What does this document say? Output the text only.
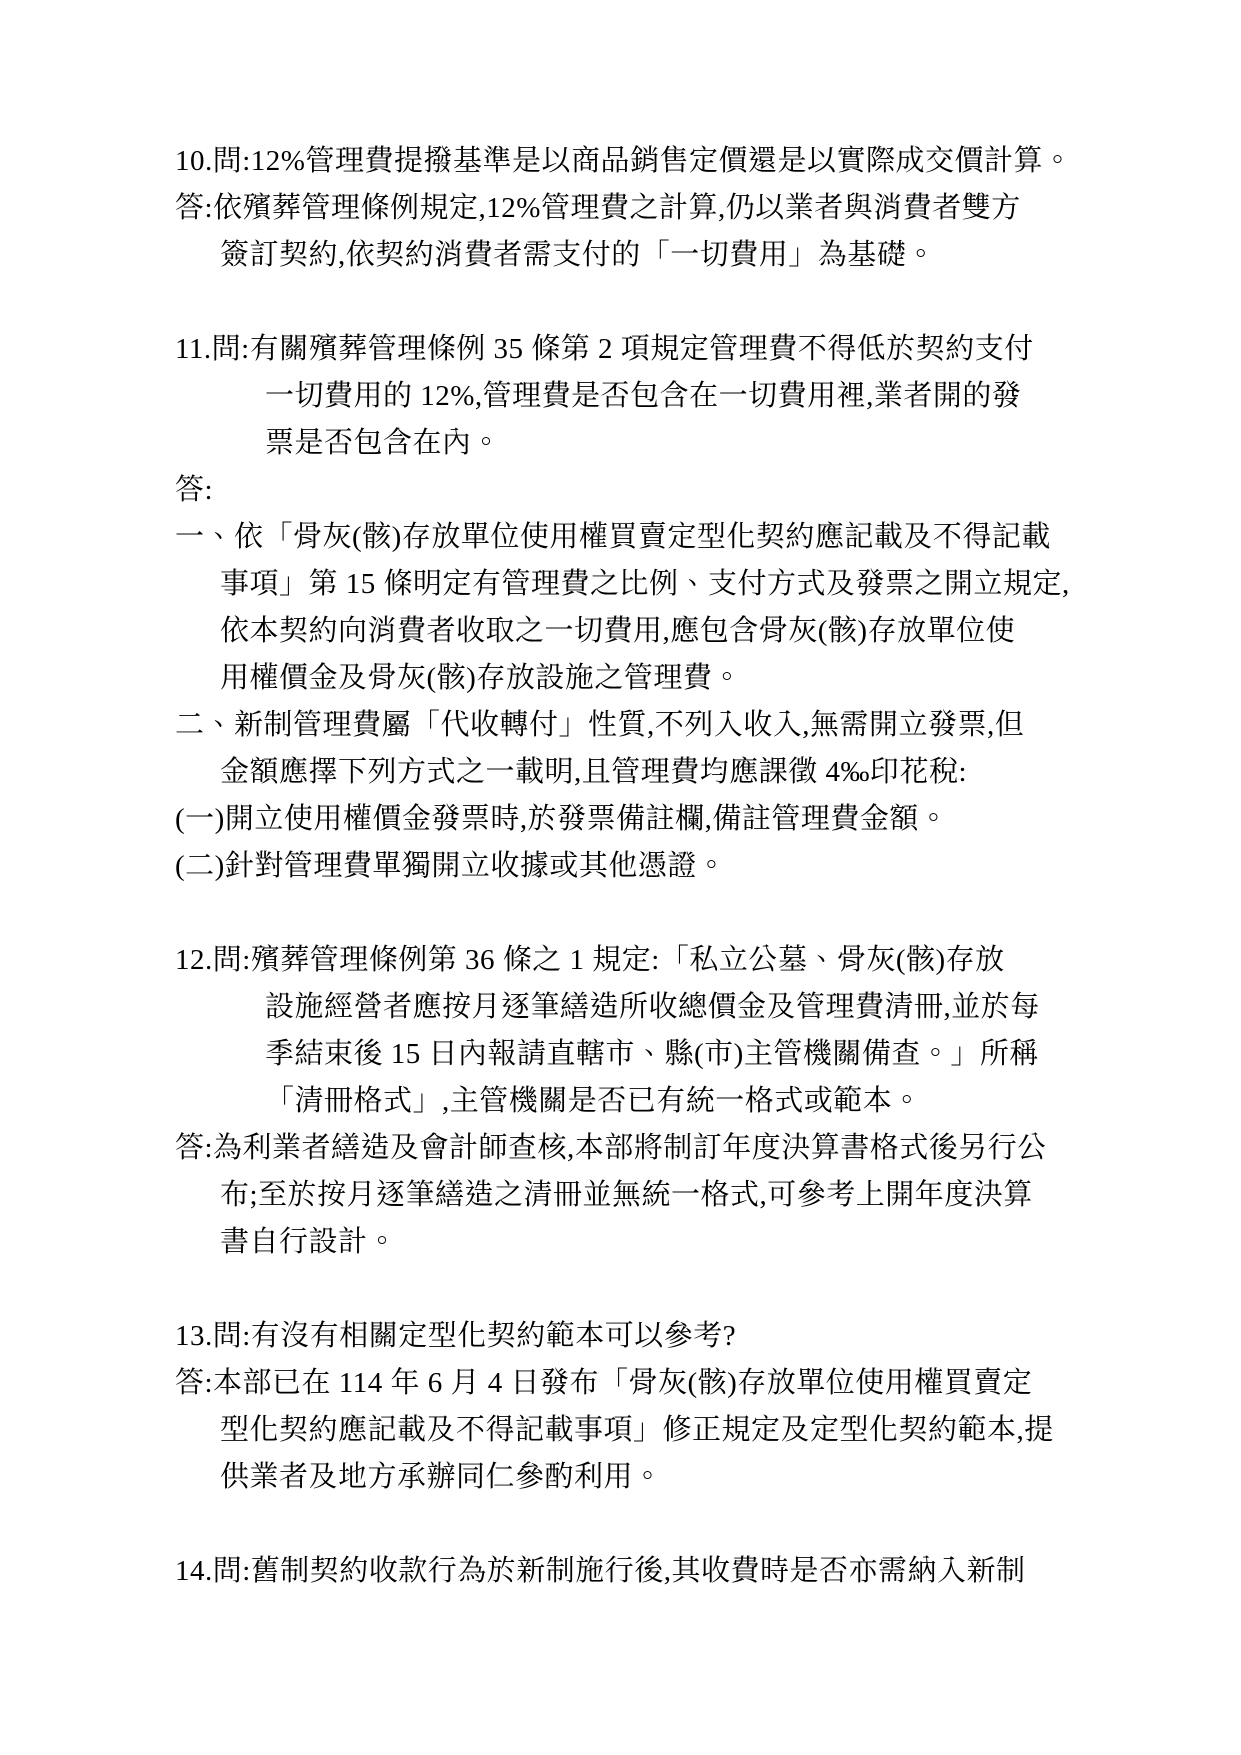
10.問:12%管理費提撥基準是以商品銷售定價還是以實際成交價計算。
答:依殯葬管理條例規定,12%管理費之計算,仍以業者與消費者雙方
簽訂契約,依契約消費者需支付的「一切費用」為基礎。
11.問:有關殯葬管理條例 35 條第 2 項規定管理費不得低於契約支付
一切費用的 12%,管理費是否包含在一切費用裡,業者開的發
票是否包含在內。
答:
一、依「骨灰(骸)存放單位使用權買賣定型化契約應記載及不得記載
事項」第 15 條明定有管理費之比例、支付方式及發票之開立規定,
依本契約向消費者收取之一切費用,應包含骨灰(骸)存放單位使
用權價金及骨灰(骸)存放設施之管理費。
二、新制管理費屬「代收轉付」性質,不列入收入,無需開立發票,但
金額應擇下列方式之一載明,且管理費均應課徵 4‰印花稅:
(一)開立使用權價金發票時,於發票備註欄,備註管理費金額。
(二)針對管理費單獨開立收據或其他憑證。
12.問:殯葬管理條例第 36 條之 1 規定:「私立公墓、骨灰(骸)存放
設施經營者應按月逐筆繕造所收總價金及管理費清冊,並於每
季結束後 15 日內報請直轄市、縣(市)主管機關備查。」所稱
「清冊格式」,主管機關是否已有統一格式或範本。
答:為利業者繕造及會計師查核,本部將制訂年度決算書格式後另行公
布;至於按月逐筆繕造之清冊並無統一格式,可參考上開年度決算
書自行設計。
13.問:有沒有相關定型化契約範本可以參考?
答:本部已在 114 年 6 月 4 日發布「骨灰(骸)存放單位使用權買賣定
型化契約應記載及不得記載事項」修正規定及定型化契約範本,提
供業者及地方承辦同仁參酌利用。
14.問:舊制契約收款行為於新制施行後,其收費時是否亦需納入新制
